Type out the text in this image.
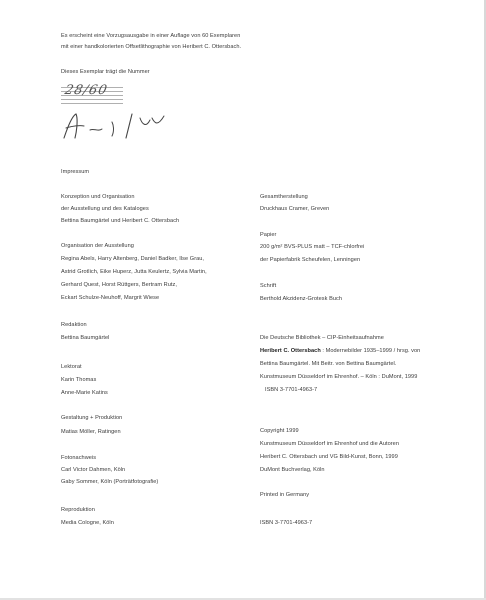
Es erscheint eine Vorzugsausgabe in einer Auflage von 60 Exemplaren
mit einer handkolorierten Offsetlithographie von Heribert C. Ottersbach.
Dieses Exemplar trägt die Nummer
28/60
Impressum
Konzeption und Organisation
der Ausstellung und des Kataloges
Bettina Baumgärtel und Heribert C. Ottersbach
Organisation der Ausstellung
Regina Abels, Harry Altenberg, Daniel Badker, Ilse Grau,
Astrid Grotlich, Eike Huperz, Jutta Keulertz, Sylvia Martin,
Gerhard Quest, Horst Rüttgers, Bertram Rutz,
Eckart Schulze-Neuhoff, Margrit Wiese
Redaktion
Bettina Baumgärtel
Lektorat
Karin Thomas
Anne-Marie Katins
Gestaltung + Produktion
Matias Möller, Ratingen
Fotonachweis
Carl Victor Dahmen, Köln
Gaby Sommer, Köln (Porträtfotografie)
Reproduktion
Media Cologne, Köln
Gesamtherstellung
Druckhaus Cramer, Greven
Papier
200 g/m² BVS-PLUS matt – TCF-chlorfrei
der Papierfabrik Scheufelen, Lenningen
Schrift
Berthold Akzidenz-Grotesk Buch
Die Deutsche Bibliothek – CIP-Einheitsaufnahme
Heribert C. Ottersbach : Modernebilder 1935–1999 / hrsg. von
Bettina Baumgärtel. Mit Beitr. von Bettina Baumgärtel.
Kunstmuseum Düsseldorf im Ehrenhof. – Köln : DuMont, 1999
ISBN 3-7701-4963-7
Copyright 1999
Kunstmuseum Düsseldorf im Ehrenhof und die Autoren
Heribert C. Ottersbach und VG Bild-Kunst, Bonn, 1999
DuMont Buchverlag, Köln
Printed in Germany
ISBN 3-7701-4963-7
